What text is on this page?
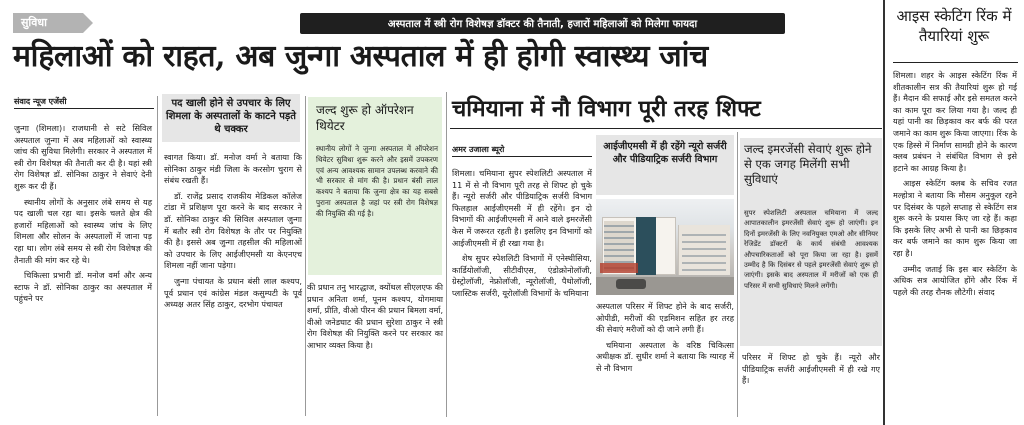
सुविधा	अस्पताल में स्त्री रोग विशेषज्ञ डॉक्टर की तैनाती, हजारों महिलाओं को मिलेगा फायदा
महिलाओं को राहत, अब जुन्गा अस्पताल में ही होगी स्वास्थ्य जांच
संवाद न्यूज एजेंसी

जुन्गा (शिमला)। राजधानी से सटे सिविल अस्पताल जुन्गा में अब महिलाओं को स्वास्थ्य जांच की सुविधा मिलेगी। सरकार ने अस्पताल में स्त्री रोग विशेषज्ञ की तैनाती कर दी है। यहां स्त्री रोग विशेषज्ञ डॉ. सोनिका ठाकुर ने सेवाएं देनी शुरू कर दी हैं।

स्थानीय लोगों के अनुसार लंबे समय से यह पद खाली चल रहा था। इसके चलते क्षेत्र की हजारों महिलाओं को स्वास्थ्य जांच के लिए शिमला और सोलन के अस्पतालों में जाना पड़ रहा था। लोग लंबे समय से स्त्री रोग विशेषज्ञ की तैनाती की मांग कर रहे थे।

चिकित्सा प्रभारी डॉ. मनोज वर्मा और अन्य स्टाफ ने डॉ. सोनिका ठाकुर का अस्पताल में पहुंचने पर

पद खाली होने से उपचार के लिए शिमला के अस्पतालों के काटने पड़ते थे चक्कर

स्वागत किया। डॉ. मनोज वर्मा ने बताया कि सोनिका ठाकुर मंडी जिला के करसोग चुराग से संबंध रखती हैं।

डॉ. राजेंद्र प्रसाद राजकीय मेडिकल कॉलेज टांडा में प्रशिक्षण पूरा करने के बाद सरकार ने डॉ. सोनिका ठाकुर की सिविल अस्पताल जुन्गा में बतौर स्त्री रोग विशेषज्ञ के तौर पर नियुक्ति की है। इससे अब जुन्गा तहसील की महिलाओं को उपचार के लिए आईजीएमसी या केएनएच शिमला नहीं जाना पड़ेगा।

जुन्गा पंचायत के प्रधान बंसी लाल कश्यप, पूर्व प्रधान एवं कांग्रेस मंडल कसुम्पटी के पूर्व अध्यक्ष अतर सिंह ठाकुर, दरभोग पंचायत

जल्द शुरू हो ऑपरेशन थियेटर
स्थानीय लोगों ने जुन्गा अस्पताल में ऑपरेशन थियेटर सुविधा शुरू करने और इसमें उपकरण एवं अन्य आवश्यक सामान उपलब्ध करवाने की भी सरकार से मांग की है। प्रधान बंसी लाल कश्यप ने बताया कि जुन्गा क्षेत्र का यह सबसे पुराना अस्पताल है जहां पर स्त्री रोग विशेषज्ञ की नियुक्ति की गई है।
की प्रधान तनु भारद्धाज, क्योंथल सीएलएफ की प्रधान अनिता शर्मा, पूनम कश्यप, योगमाया शर्मा, प्रीति, वीओ पीरन की प्रधान बिमला वर्मा, वीओ जनेडघाट की प्रधान सुरेशा ठाकुर ने स्त्री रोग विशेषज्ञ की नियुक्ति करने पर सरकार का आभार व्यक्त किया है।
चमियाना में नौ विभाग पूरी तरह शिफ्ट
अमर उजाला ब्यूरो

शिमला। चमियाना सुपर स्पेशलिटी अस्पताल में 11 में से नौ विभाग पूरी तरह से शिफ्ट हो चुके हैं। न्यूरो सर्जरी और पीडियाट्रिक सर्जरी विभाग फिलहाल आईजीएमसी में ही रहेंगे। इन दो विभागों की आईजीएमसी में आने वाले इमरजेंसी केस में जरूरत रहती है। इसलिए इन विभागों को आईजीएमसी में ही रखा गया है।

शेष सुपर स्पेशलिटी विभागों में एनेस्थीसिया, कार्डियोलॉजी, सीटीवीएस, एंडोक्रोनोलॉजी, ग्रेस्ट्रोलॉजी, नेफ्रोलॉजी, न्यूरोलॉजी, पैथोलॉजी, प्लास्टिक सर्जरी, यूरोलॉजी विभागों के चमियाना

आईजीएमसी में ही रहेंगे न्यूरो सर्जरी और पीडियाट्रिक सर्जरी विभाग

अस्पताल परिसर में शिफ्ट होने के बाद सर्जरी, ओपीडी, मरीजों की एडमिशन सहित हर तरह की सेवाएं मरीजों को दी जाने लगी हैं।

चमियाना अस्पताल के वरिष्ठ चिकित्सा अधीक्षक डॉ. सुधीर शर्मा ने बताया कि ग्यारह में से नौ विभाग

जल्द इमरजेंसी सेवाएं शुरू होने से एक जगह मिलेंगी सभी सुविधाएं
सुपर स्पेशलिटी अस्पताल चमियाना में जल्द आपातकालीन इमरजेंसी सेवाएं शुरू हो जाएंगी। इन दिनों इमरजेंसी के लिए नवनियुक्त एमओ और सीनियर रेजिडेंट डॉक्टरों के कार्य संबंधी आवश्यक औपचारिकताओं को पूरा किया जा रहा है। इसमें उम्मीद है कि दिसंबर से पहले इमरजेंसी सेवाएं शुरू हो जाएंगी। इसके बाद अस्पताल में मरीजों को एक ही परिसर में सभी सुविधाएं मिलने लगेंगी।
परिसर में शिफ्ट हो चुके हैं। न्यूरो और पीडियाट्रिक सर्जरी आईजीएमसी में ही रखे गए हैं।
आइस स्केटिंग रिंक में तैयारियां शुरू

शिमला। शहर के आइस स्केटिंग रिंक में शीतकालीन सत्र की तैयारियां शुरू हो गई हैं। मैदान की सफाई और इसे समतल करने का काम पूरा कर लिया गया है। जल्द ही यहां पानी का छिड़काव कर बर्फ की परत जमाने का काम शुरू किया जाएगा। रिंक के एक हिस्से में निर्माण सामग्री होने के कारण क्लब प्रबंधन ने संबंधित विभाग से इसे हटाने का आग्रह किया है।

आइस स्केटिंग क्लब के सचिव रजत मल्होत्रा ने बताया कि मौसम अनुकूल रहने पर दिसंबर के पहले सप्ताह से स्केटिंग सत्र शुरू करने के प्रयास किए जा रहे हैं। कहा कि इसके लिए अभी से पानी का छिड़काव कर बर्फ जमाने का काम शुरू किया जा रहा है।

उम्मीद जताई कि इस बार स्केटिंग के अधिक सत्र आयोजित होंगे और रिंक में पहले की तरह रौनक लौटेगी। संवाद
